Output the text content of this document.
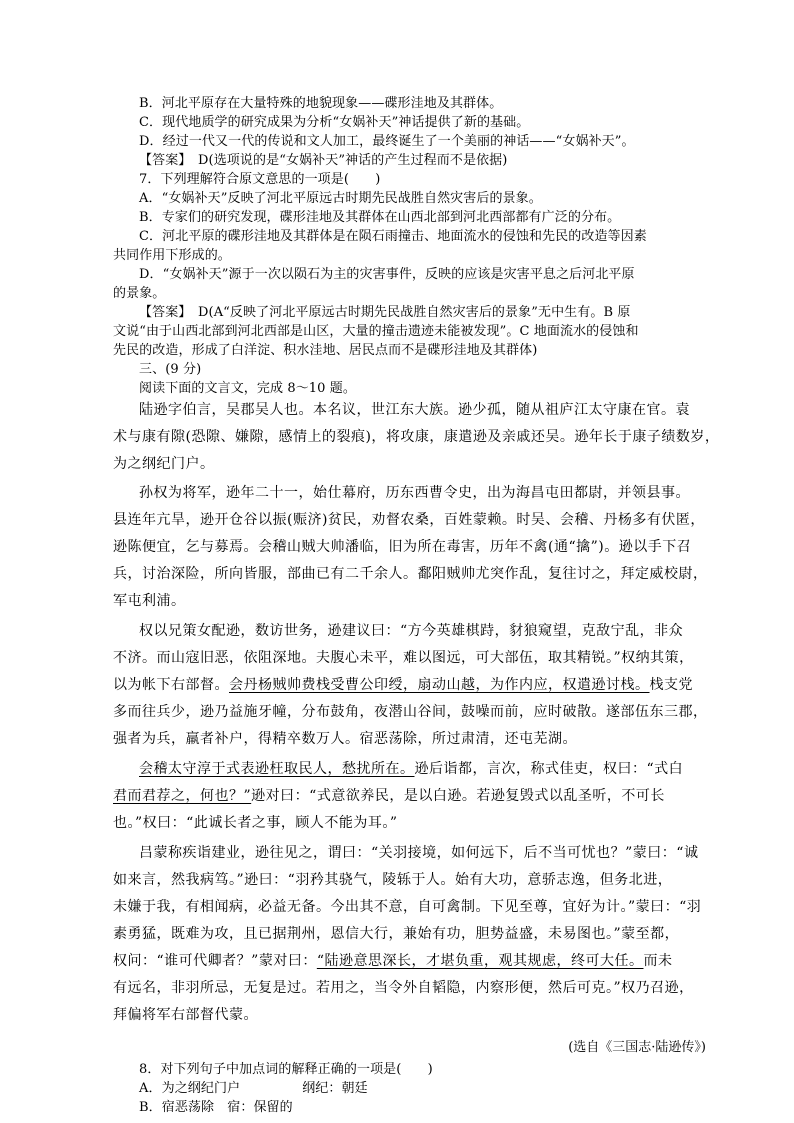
B．河北平原存在大量特殊的地貌现象——碟形洼地及其群体。
C．现代地质学的研究成果为分析“女娲补天”神话提供了新的基础。
D．经过一代又一代的传说和文人加工，最终诞生了一个美丽的神话——“女娲补天”。
【答案】　D(选项说的是“女娲补天”神话的产生过程而不是依据)
7．下列理解符合原文意思的一项是(　　)
A．“女娲补天”反映了河北平原远古时期先民战胜自然灾害后的景象。
B．专家们的研究发现，碟形洼地及其群体在山西北部到河北西部都有广泛的分布。
C．河北平原的碟形洼地及其群体是在陨石雨撞击、地面流水的侵蚀和先民的改造等因素
共同作用下形成的。
D．“女娲补天”源于一次以陨石为主的灾害事件，反映的应该是灾害平息之后河北平原
的景象。
【答案】　D(A“反映了河北平原远古时期先民战胜自然灾害后的景象”无中生有。B 原
文说“由于山西北部到河北西部是山区，大量的撞击遗迹未能被发现”。C 地面流水的侵蚀和
先民的改造，形成了白洋淀、积水洼地、居民点而不是碟形洼地及其群体)
三、(9 分)
阅读下面的文言文，完成 8～10 题。
陆逊字伯言，吴郡吴人也。本名议，世江东大族。逊少孤，随从祖庐江太守康在官。袁
术与康有隙(恐隙、嫌隙，感情上的裂痕)，将攻康，康遣逊及亲戚还吴。逊年长于康子绩数岁，
为之纲纪门户。
孙权为将军，逊年二十一，始仕幕府，历东西曹令史，出为海昌屯田都尉，并领县事。
县连年亢旱，逊开仓谷以振(赈济)贫民，劝督农桑，百姓蒙赖。时吴、会稽、丹杨多有伏匿，
逊陈便宜，乞与募焉。会稽山贼大帅潘临，旧为所在毒害，历年不禽(通“擒”)。逊以手下召
兵，讨治深险，所向皆服，部曲已有二千余人。鄱阳贼帅尤突作乱，复往讨之，拜定威校尉，
军屯利浦。
权以兄策女配逊，数访世务，逊建议曰：“方今英雄棋跱，豺狼窥望，克敌宁乱，非众
不济。而山寇旧恶，依阻深地。夫腹心未平，难以图远，可大部伍，取其精锐。”权纳其策，
以为帐下右部督。会丹杨贼帅费栈受曹公印绶，扇动山越，为作内应，权遣逊讨栈。栈支党
多而往兵少，逊乃益施牙幢，分布鼓角，夜潜山谷间，鼓噪而前，应时破散。遂部伍东三郡，
强者为兵，羸者补户，得精卒数万人。宿恶荡除，所过肃清，还屯芜湖。
会稽太守淳于式表逊枉取民人，愁扰所在。逊后诣都，言次，称式佳吏，权曰：“式白
君而君荐之，何也？”逊对曰：“式意欲养民，是以白逊。若逊复毁式以乱圣听，不可长
也。”权曰：“此诚长者之事，顾人不能为耳。”
吕蒙称疾诣建业，逊往见之，谓曰：“关羽接境，如何远下，后不当可忧也？”蒙曰：“诚
如来言，然我病笃。”逊曰：“羽矜其骁气，陵轹于人。始有大功，意骄志逸，但务北进，
未嫌于我，有相闻病，必益无备。今出其不意，自可禽制。下见至尊，宜好为计。”蒙曰：“羽
素勇猛，既难为攻，且已据荆州，恩信大行，兼始有功，胆势益盛，未易图也。”蒙至都，
权问：“谁可代卿者？”蒙对曰：“陆逊意思深长，才堪负重，观其规虑，终可大任。而未
有远名，非羽所忌，无复是过。若用之，当令外自韬隐，内察形便，然后可克。”权乃召逊，
拜偏将军右部督代蒙。
(选自《三国志·陆逊传》)
8．对下列句子中加点词的解释正确的一项是(　　)
A．为之纲纪门户	纲纪：朝廷
B．宿恶荡除　宿：保留的
